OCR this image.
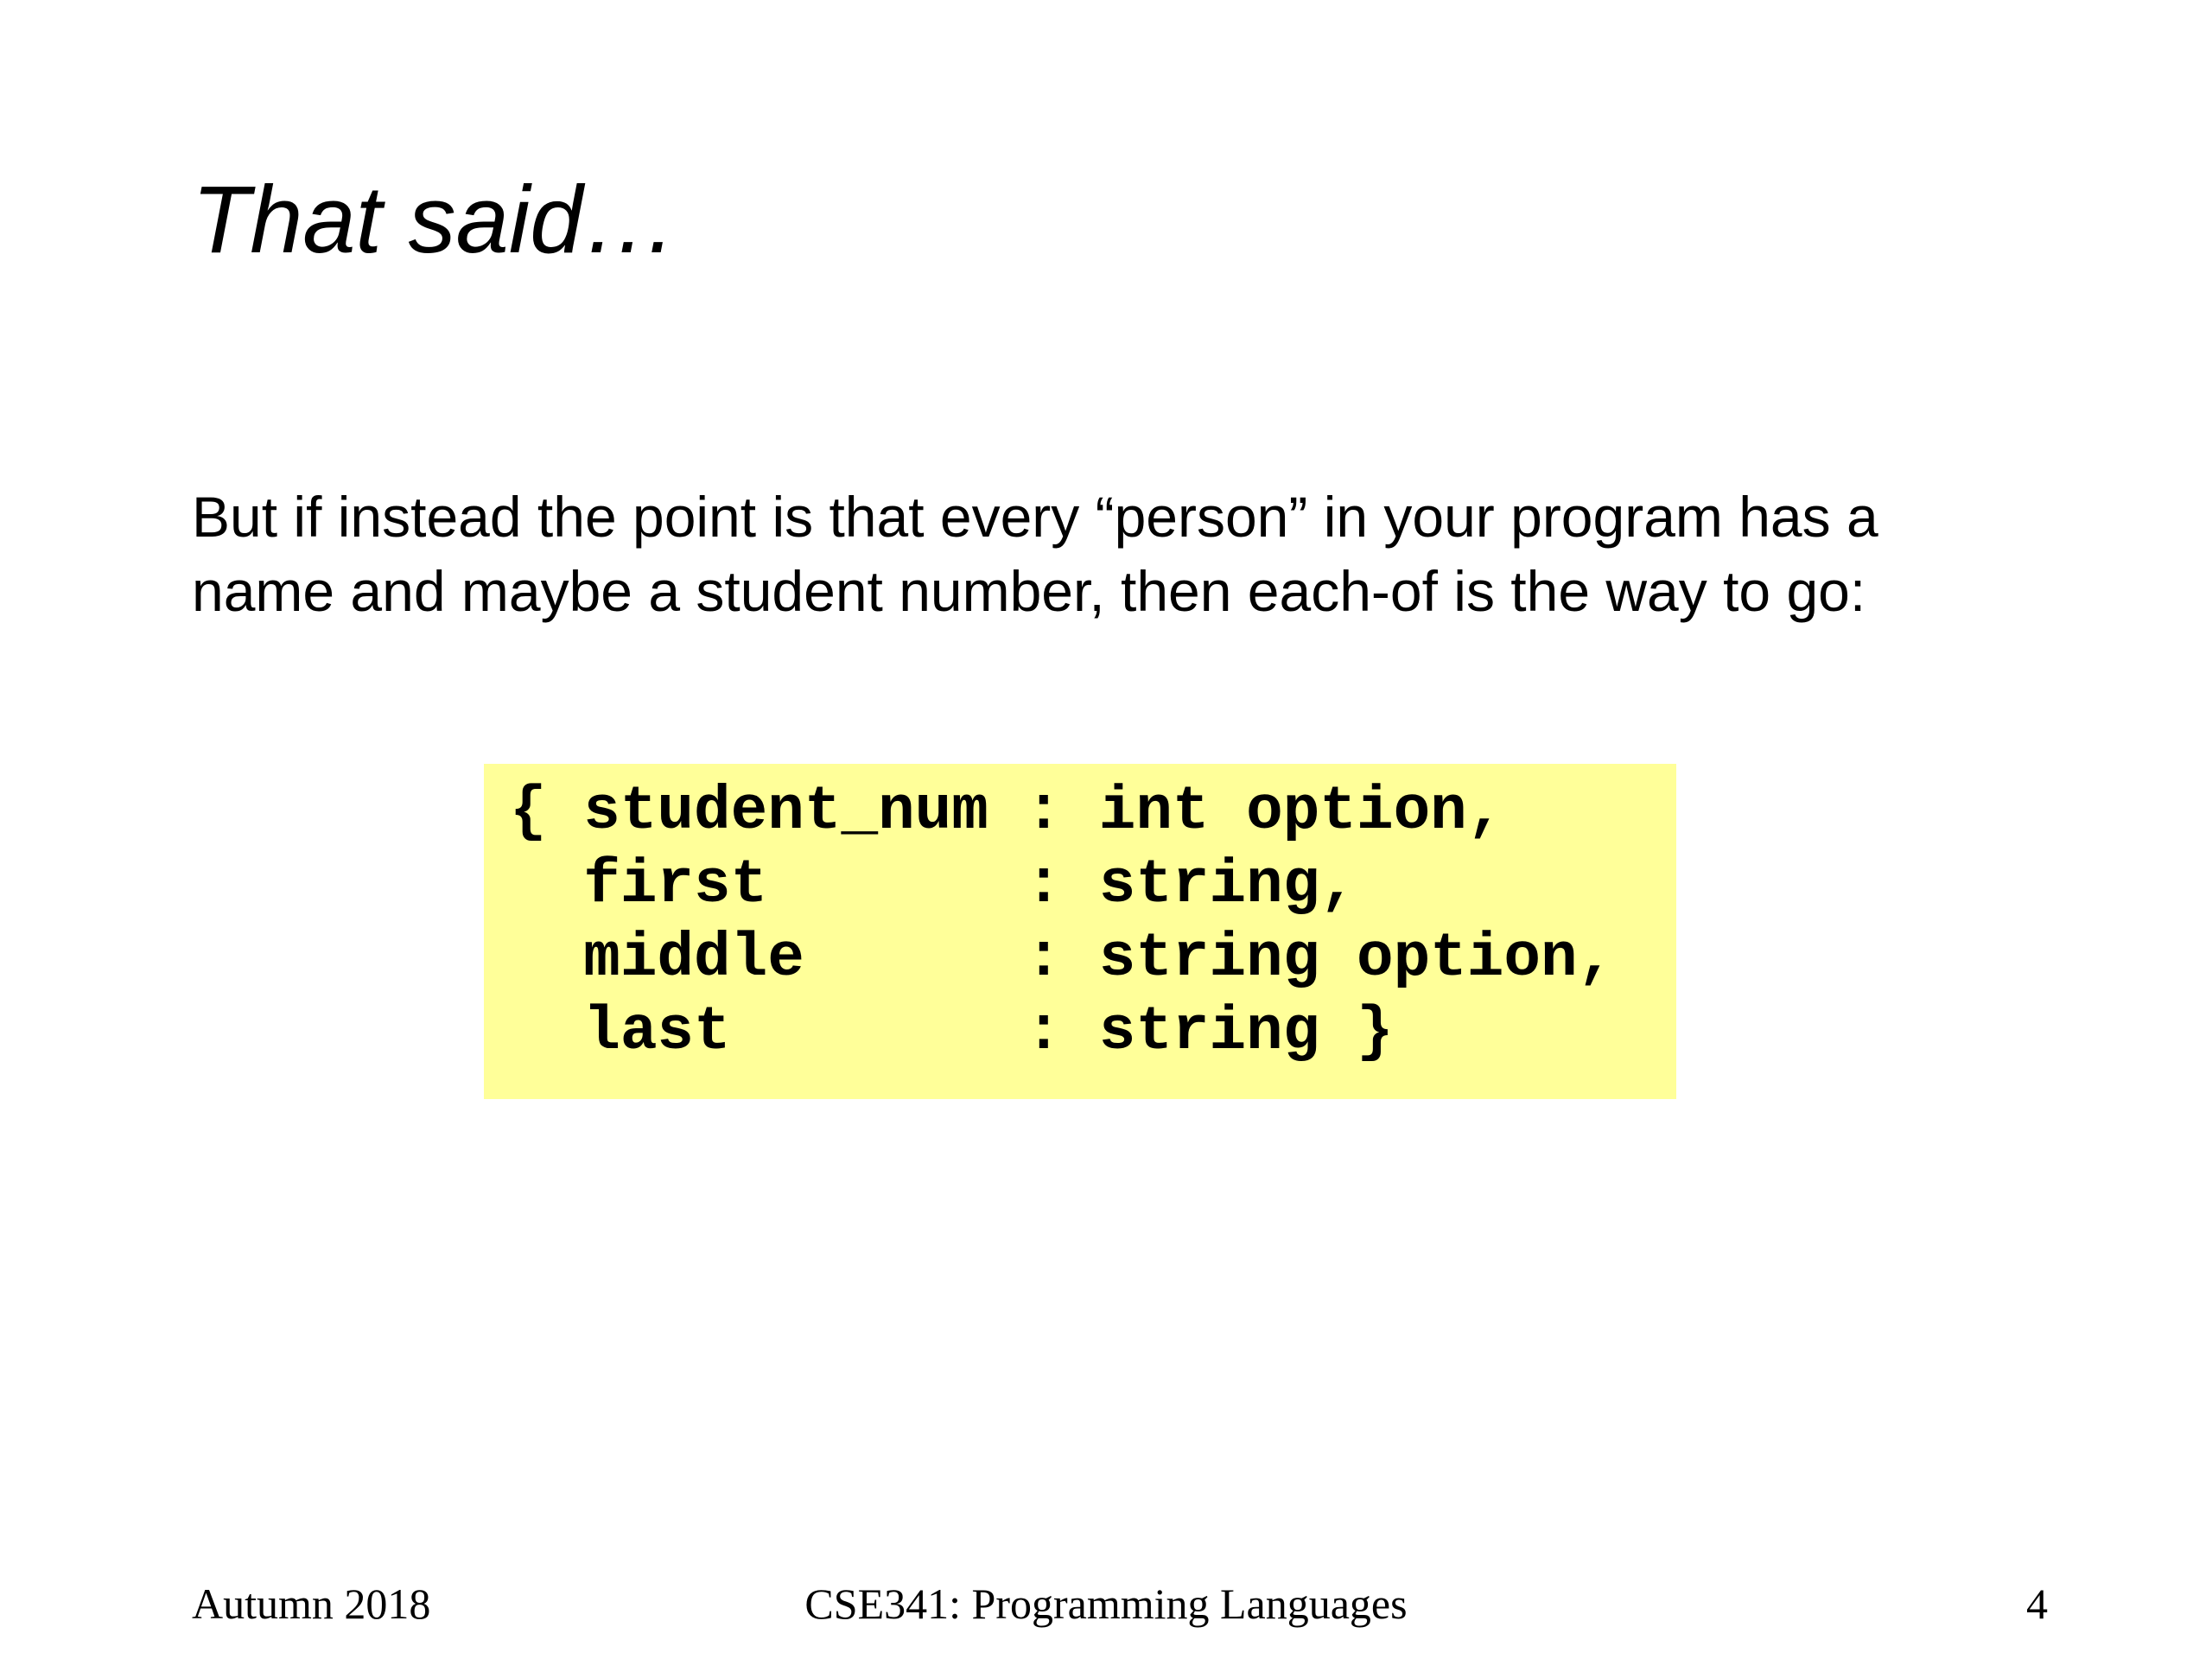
That said…
But if instead the point is that every “person” in your program has a
name and maybe a student number, then each-of is the way to go:
{ student_num : int option,
first       : string,
middle      : string option,
last        : string }
CSE341: Programming Languages
Autumn 2018	4
